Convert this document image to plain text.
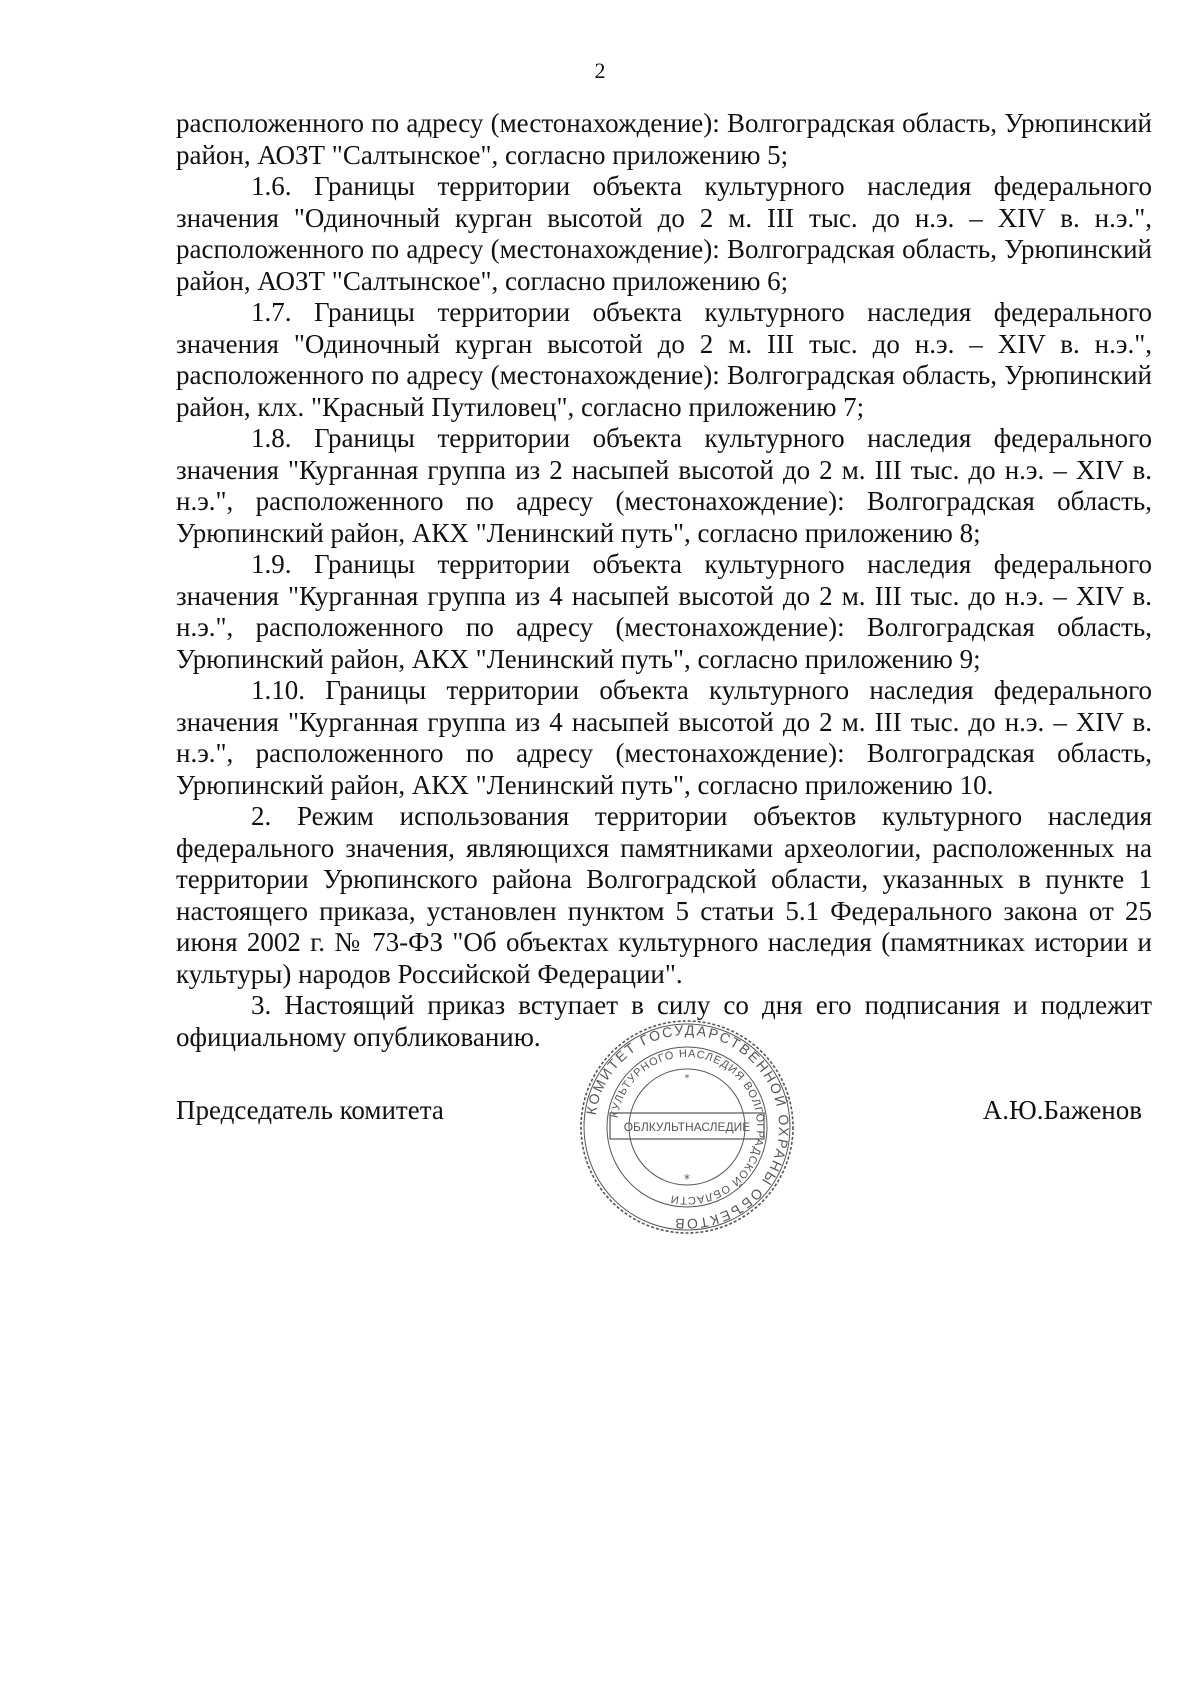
2

расположенного по адресу (местонахождение): Волгоградская область, Урюпинский район, АОЗТ "Салтынское", согласно приложению 5;

1.6. Границы территории объекта культурного наследия федерального значения "Одиночный курган высотой до 2 м. III тыс. до н.э. – XIV в. н.э.", расположенного по адресу (местонахождение): Волгоградская область, Урюпинский район, АОЗТ "Салтынское", согласно приложению 6;

1.7. Границы территории объекта культурного наследия федерального значения "Одиночный курган высотой до 2 м. III тыс. до н.э. – XIV в. н.э.", расположенного по адресу (местонахождение): Волгоградская область, Урюпинский район, клх. "Красный Путиловец", согласно приложению 7;

1.8. Границы территории объекта культурного наследия федерального значения "Курганная группа из 2 насыпей высотой до 2 м. III тыс. до н.э. – XIV в. н.э.", расположенного по адресу (местонахождение): Волгоградская область, Урюпинский район, АКХ "Ленинский путь", согласно приложению 8;

1.9. Границы территории объекта культурного наследия федерального значения "Курганная группа из 4 насыпей высотой до 2 м. III тыс. до н.э. – XIV в. н.э.", расположенного по адресу (местонахождение): Волгоградская область, Урюпинский район, АКХ "Ленинский путь", согласно приложению 9;

1.10. Границы территории объекта культурного наследия федерального значения "Курганная группа из 4 насыпей высотой до 2 м. III тыс. до н.э. – XIV в. н.э.", расположенного по адресу (местонахождение): Волгоградская область, Урюпинский район, АКХ "Ленинский путь", согласно приложению 10.

2. Режим использования территории объектов культурного наследия федерального значения, являющихся памятниками археологии, расположенных на территории Урюпинского района Волгоградской области, указанных в пункте 1 настоящего приказа, установлен пунктом 5 статьи 5.1 Федерального закона от 25 июня 2002 г. № 73-ФЗ "Об объектах культурного наследия (памятниках истории и культуры) народов Российской Федерации".

3. Настоящий приказ вступает в силу со дня его подписания и подлежит официальному опубликованию.

КОМИТЕТ ГОСУДАРСТВЕННОЙ ОХРАНЫ ОБЪЕКТОВ
КУЛЬТУРНОГО НАСЛЕДИЯ ВОЛГОГРАДСКОЙ ОБЛАСТИ
ОБЛКУЛЬТНАСЛЕДИЕ
*
*
Председатель комитета	А.Ю.Баженов
